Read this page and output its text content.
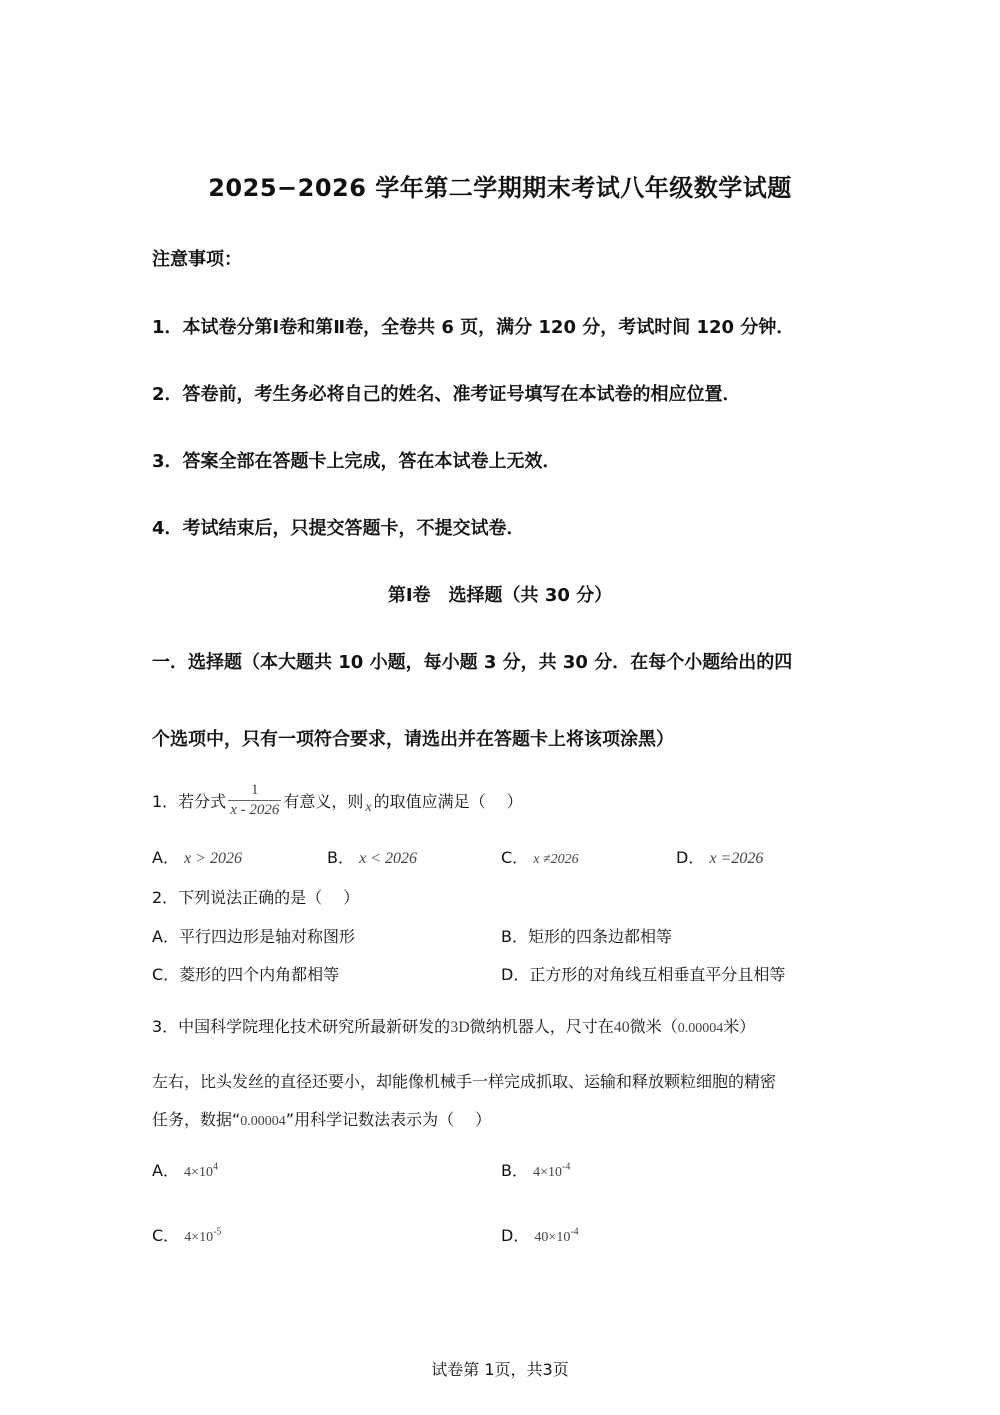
2025−2026 学年第二学期期末考试八年级数学试题
注意事项：
1．本试卷分第Ⅰ卷和第Ⅱ卷，全卷共 6 页，满分 120 分，考试时间 120 分钟．
2．答卷前，考生务必将自己的姓名、准考证号填写在本试卷的相应位置．
3．答案全部在答题卡上完成，答在本试卷上无效．
4．考试结束后，只提交答题卡，不提交试卷．
第Ⅰ卷　选择题（共 30 分）
一．选择题（本大题共 10 小题，每小题 3 分，共 30 分．在每个小题给出的四
个选项中，只有一项符合要求，请选出并在答题卡上将该项涂黑）
1．若分式 $\frac{1}{x - 2026}$ 有意义，则 x 的取值应满足（　 ）
A． x > 2026	B． x < 2026	C． x ≠2026	D． x =2026
2．下列说法正确的是（　 ）
A．平行四边形是轴对称图形	B．矩形的四条边都相等
C．菱形的四个内角都相等	D．正方形的对角线互相垂直平分且相等
3．中国科学院理化技术研究所最新研发的3D微纳机器人，尺寸在40微米（0.00004米）
左右，比头发丝的直径还要小，却能像机械手一样完成抓取、运输和释放颗粒细胞的精密
任务，数据“0.00004”用科学记数法表示为（　 ）
A． $4\times 10^4$	B． $4\times 10^{-4}$
C． $4\times 10^{-5}$	D． $40\times 10^{-4}$
试卷第 1页，共3页
